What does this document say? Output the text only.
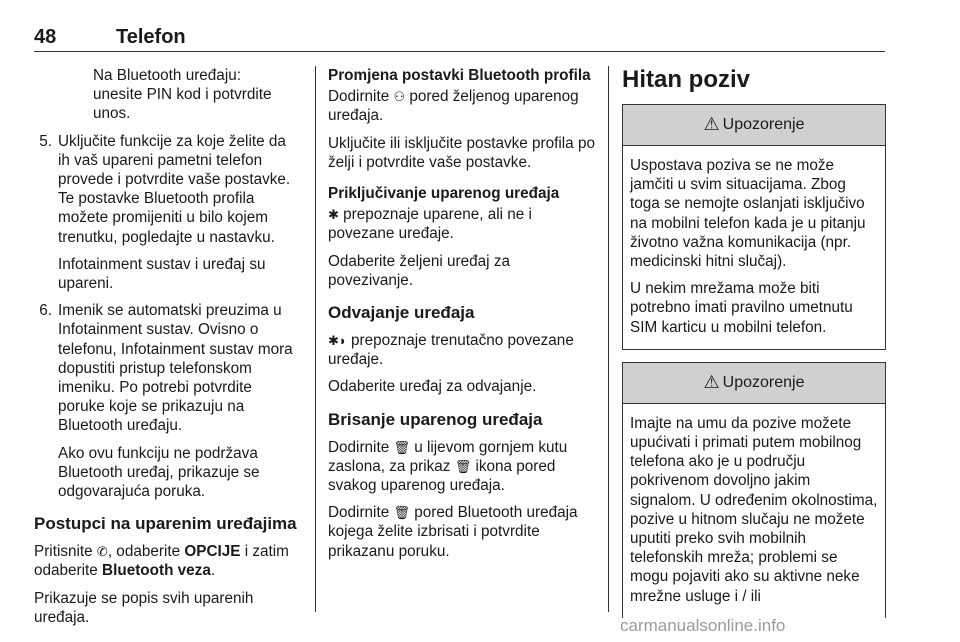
48	Telefon

Na Bluetooth uređaju:
unesite PIN kod i potvrdite
unos.

5. Uključite funkcije za koje želite da ih vaš upareni pametni telefon provede i potvrdite vaše postavke. Te postavke Bluetooth profila možete promijeniti u bilo kojem trenutku, pogledajte u nastavku.

Infotainment sustav i uređaj su upareni.

6. Imenik se automatski preuzima u Infotainment sustav. Ovisno o telefonu, Infotainment sustav mora dopustiti pristup telefonskom imeniku. Po potrebi potvrdite poruke koje se prikazuju na Bluetooth uređaju.

Ako ovu funkciju ne podržava Bluetooth uređaj, prikazuje se odgovarajuća poruka.

Postupci na uparenim uređajima

Pritisnite ✆, odaberite OPCIJE i zatim odaberite Bluetooth veza.

Prikazuje se popis svih uparenih uređaja.

Promjena postavki Bluetooth profila

Dodirnite ⚇ pored željenog uparenog uređaja.

Uključite ili isključite postavke profila po želji i potvrdite vaše postavke.

Priključivanje uparenog uređaja

✱ prepoznaje uparene, ali ne i povezane uređaje.

Odaberite željeni uređaj za povezivanje.

Odvajanje uređaja

✱◗ prepoznaje trenutačno povezane uređaje.

Odaberite uređaj za odvajanje.

Brisanje uparenog uređaja

Dodirnite 🗑 u lijevom gornjem kutu zaslona, za prikaz 🗑 ikona pored svakog uparenog uređaja.

Dodirnite 🗑 pored Bluetooth uređaja kojega želite izbrisati i potvrdite prikazanu poruku.

Hitan poziv
⚠ Upozorenje

Uspostava poziva se ne može jamčiti u svim situacijama. Zbog toga se nemojte oslanjati isključivo na mobilni telefon kada je u pitanju životno važna komunikacija (npr. medicinski hitni slučaj).

U nekim mrežama može biti potrebno imati pravilno umetnutu SIM karticu u mobilni telefon.

⚠ Upozorenje

Imajte na umu da pozive možete upućivati i primati putem mobilnog telefona ako je u području pokrivenom dovoljno jakim signalom. U određenim okolnostima, pozive u hitnom slučaju ne možete uputiti preko svih mobilnih telefonskih mreža; problemi se mogu pojaviti ako su aktivne neke mrežne usluge i / ili

carmanualsonline.info
